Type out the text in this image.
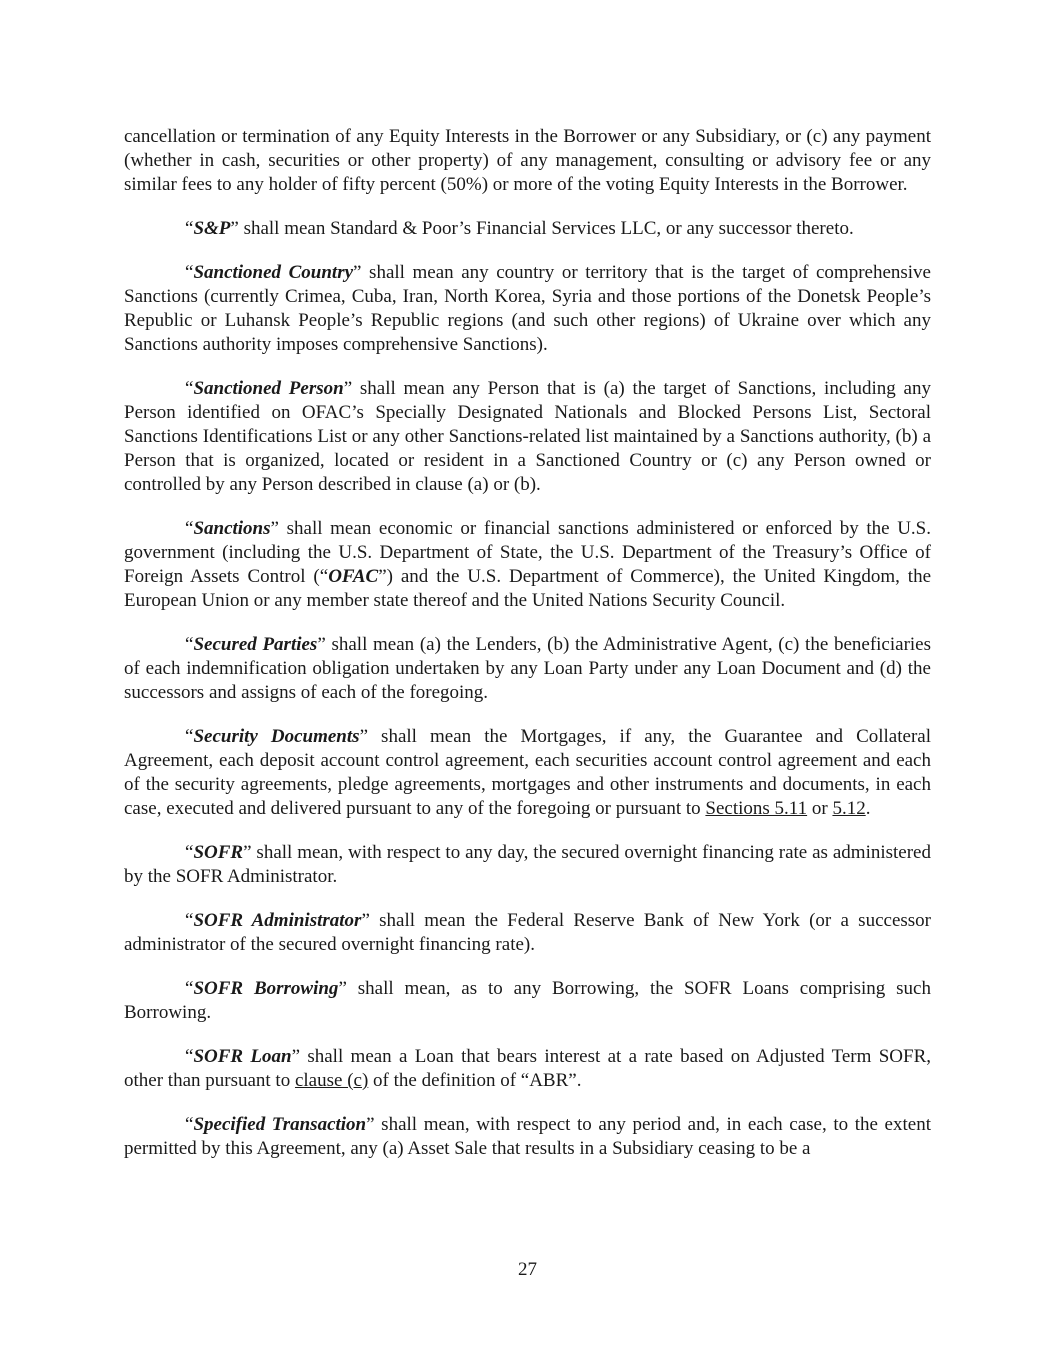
cancellation or termination of any Equity Interests in the Borrower or any Subsidiary, or (c) any payment (whether in cash, securities or other property) of any management, consulting or advisory fee or any similar fees to any holder of fifty percent (50%) or more of the voting Equity Interests in the Borrower.

“S&P” shall mean Standard & Poor’s Financial Services LLC, or any successor thereto.

“Sanctioned Country” shall mean any country or territory that is the target of comprehensive Sanctions (currently Crimea, Cuba, Iran, North Korea, Syria and those portions of the Donetsk People’s Republic or Luhansk People’s Republic regions (and such other regions) of Ukraine over which any Sanctions authority imposes comprehensive Sanctions).

“Sanctioned Person” shall mean any Person that is (a) the target of Sanctions, including any Person identified on OFAC’s Specially Designated Nationals and Blocked Persons List, Sectoral Sanctions Identifications List or any other Sanctions-related list maintained by a Sanctions authority, (b) a Person that is organized, located or resident in a Sanctioned Country or (c) any Person owned or controlled by any Person described in clause (a) or (b).

“Sanctions” shall mean economic or financial sanctions administered or enforced by the U.S. government (including the U.S. Department of State, the U.S. Department of the Treasury’s Office of Foreign Assets Control (“OFAC”) and the U.S. Department of Commerce), the United Kingdom, the European Union or any member state thereof and the United Nations Security Council.

“Secured Parties” shall mean (a) the Lenders, (b) the Administrative Agent, (c) the beneficiaries of each indemnification obligation undertaken by any Loan Party under any Loan Document and (d) the successors and assigns of each of the foregoing.

“Security Documents” shall mean the Mortgages, if any, the Guarantee and Collateral Agreement, each deposit account control agreement, each securities account control agreement and each of the security agreements, pledge agreements, mortgages and other instruments and documents, in each case, executed and delivered pursuant to any of the foregoing or pursuant to Sections 5.11 or 5.12.

“SOFR” shall mean, with respect to any day, the secured overnight financing rate as administered by the SOFR Administrator.

“SOFR Administrator” shall mean the Federal Reserve Bank of New York (or a successor administrator of the secured overnight financing rate).

“SOFR Borrowing” shall mean, as to any Borrowing, the SOFR Loans comprising such Borrowing.

“SOFR Loan” shall mean a Loan that bears interest at a rate based on Adjusted Term SOFR, other than pursuant to clause (c) of the definition of “ABR”.

“Specified Transaction” shall mean, with respect to any period and, in each case, to the extent permitted by this Agreement, any (a) Asset Sale that results in a Subsidiary ceasing to be a

27
